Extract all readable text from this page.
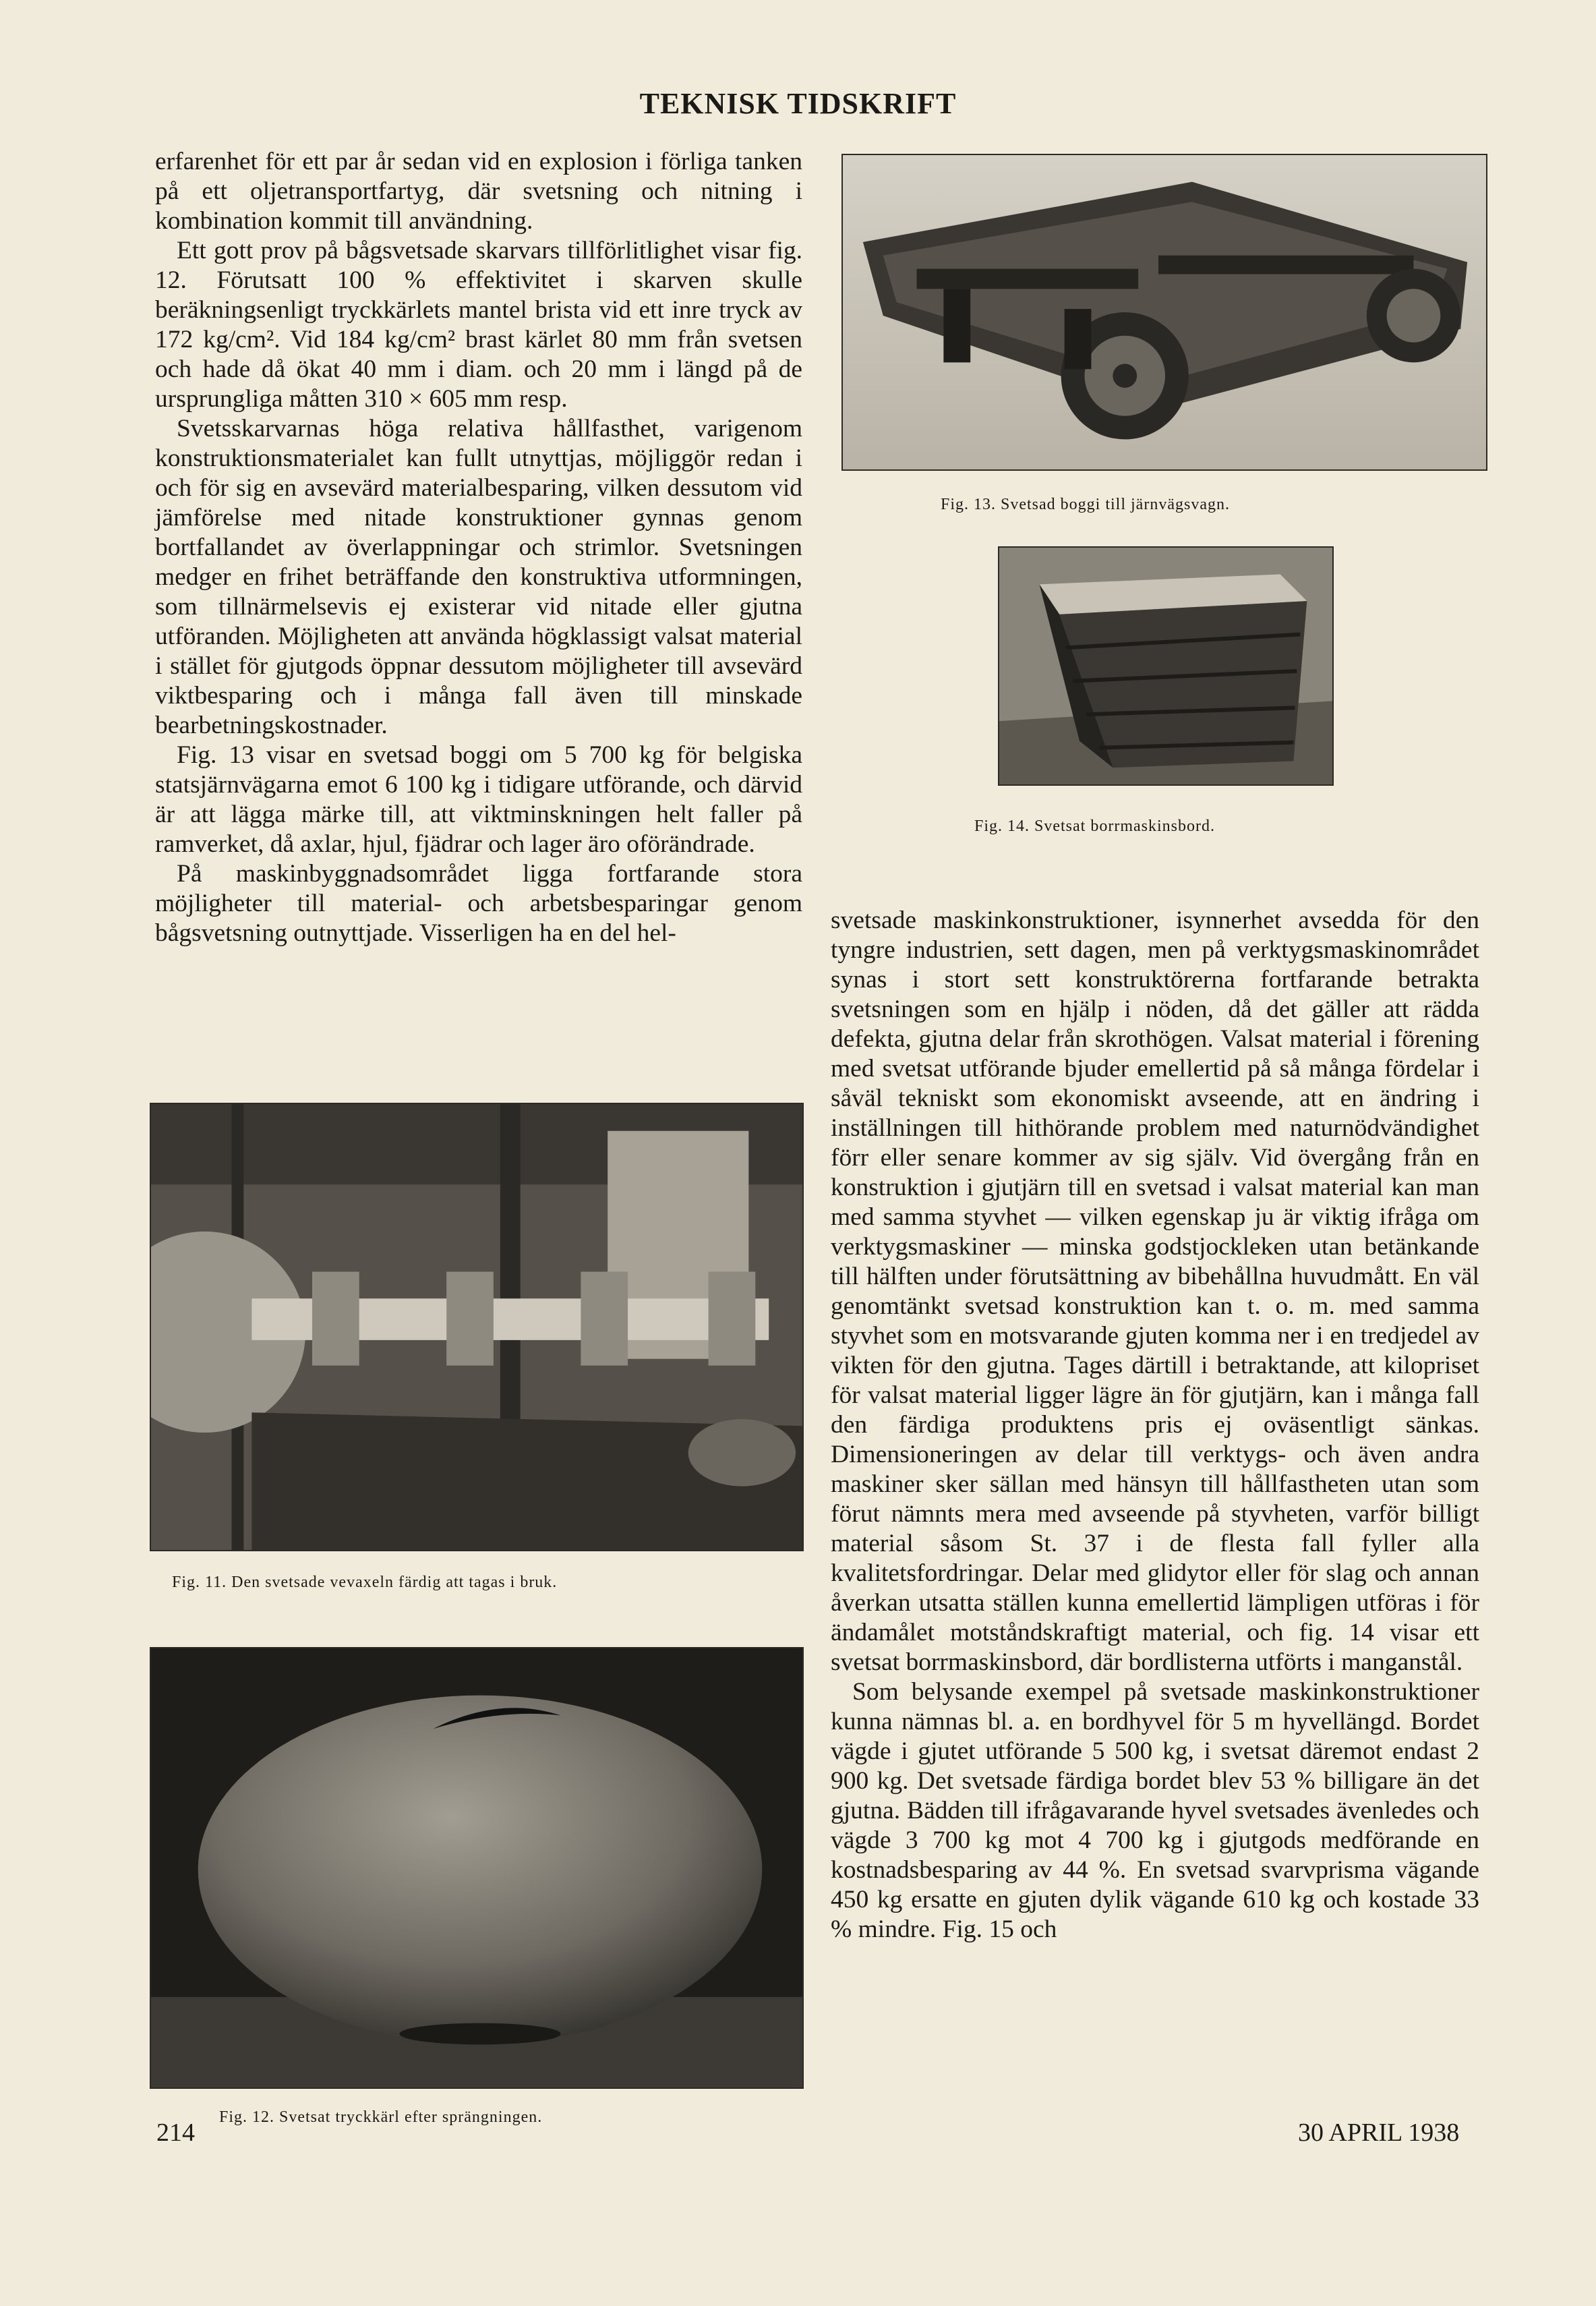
TEKNISK TIDSKRIFT

erfarenhet för ett par år sedan vid en explosion i förliga tanken på ett oljetransportfartyg, där svetsning och nitning i kombination kommit till användning.

Ett gott prov på bågsvetsade skarvars tillförlitlighet visar fig. 12. Förutsatt 100 % effektivitet i skarven skulle beräkningsenligt tryckkärlets mantel brista vid ett inre tryck av 172 kg/cm². Vid 184 kg/cm² brast kärlet 80 mm från svetsen och hade då ökat 40 mm i diam. och 20 mm i längd på de ursprungliga måtten 310 × 605 mm resp.

Svetsskarvarnas höga relativa hållfasthet, varigenom konstruktionsmaterialet kan fullt utnyttjas, möjliggör redan i och för sig en avsevärd materialbesparing, vilken dessutom vid jämförelse med nitade konstruktioner gynnas genom bortfallandet av överlappningar och strimlor. Svetsningen medger en frihet beträffande den konstruktiva utformningen, som tillnärmelsevis ej existerar vid nitade eller gjutna utföranden. Möjligheten att använda högklassigt valsat material i stället för gjutgods öppnar dessutom möjligheter till avsevärd viktbesparing och i många fall även till minskade bearbetningskostnader.

Fig. 13 visar en svetsad boggi om 5 700 kg för belgiska statsjärnvägarna emot 6 100 kg i tidigare utförande, och därvid är att lägga märke till, att viktminskningen helt faller på ramverket, då axlar, hjul, fjädrar och lager äro oförändrade.

På maskinbyggnadsområdet ligga fortfarande stora möjligheter till material- och arbetsbesparingar genom bågsvetsning outnyttjade. Visserligen ha en del hel-

Fig. 13. Svetsad boggi till järnvägsvagn.
Fig. 14. Svetsat borrmaskinsbord.
Fig. 11. Den svetsade vevaxeln färdig att tagas i bruk.
Fig. 12. Svetsat tryckkärl efter sprängningen.

svetsade maskinkonstruktioner, isynnerhet avsedda för den tyngre industrien, sett dagen, men på verktygsmaskinområdet synas i stort sett konstruktörerna fortfarande betrakta svetsningen som en hjälp i nöden, då det gäller att rädda defekta, gjutna delar från skrothögen. Valsat material i förening med svetsat utförande bjuder emellertid på så många fördelar i såväl tekniskt som ekonomiskt avseende, att en ändring i inställningen till hithörande problem med naturnödvändighet förr eller senare kommer av sig själv. Vid övergång från en konstruktion i gjutjärn till en svetsad i valsat material kan man med samma styvhet — vilken egenskap ju är viktig ifråga om verktygsmaskiner — minska godstjockleken utan betänkande till hälften under förutsättning av bibehållna huvudmått. En väl genomtänkt svetsad konstruktion kan t. o. m. med samma styvhet som en motsvarande gjuten komma ner i en tredjedel av vikten för den gjutna. Tages därtill i betraktande, att kilopriset för valsat material ligger lägre än för gjutjärn, kan i många fall den färdiga produktens pris ej oväsentligt sänkas. Dimensioneringen av delar till verktygs- och även andra maskiner sker sällan med hänsyn till hållfastheten utan som förut nämnts mera med avseende på styvheten, varför billigt material såsom St. 37 i de flesta fall fyller alla kvalitetsfordringar. Delar med glidytor eller för slag och annan åverkan utsatta ställen kunna emellertid lämpligen utföras i för ändamålet motståndskraftigt material, och fig. 14 visar ett svetsat borrmaskinsbord, där bordlisterna utförts i manganstål.

Som belysande exempel på svetsade maskinkonstruktioner kunna nämnas bl. a. en bordhyvel för 5 m hyvellängd. Bordet vägde i gjutet utförande 5 500 kg, i svetsat däremot endast 2 900 kg. Det svetsade färdiga bordet blev 53 % billigare än det gjutna. Bädden till ifrågavarande hyvel svetsades ävenledes och vägde 3 700 kg mot 4 700 kg i gjutgods medförande en kostnadsbesparing av 44 %. En svetsad svarvprisma vägande 450 kg ersatte en gjuten dylik vägande 610 kg och kostade 33 % mindre. Fig. 15 och

214	30 APRIL 1938
